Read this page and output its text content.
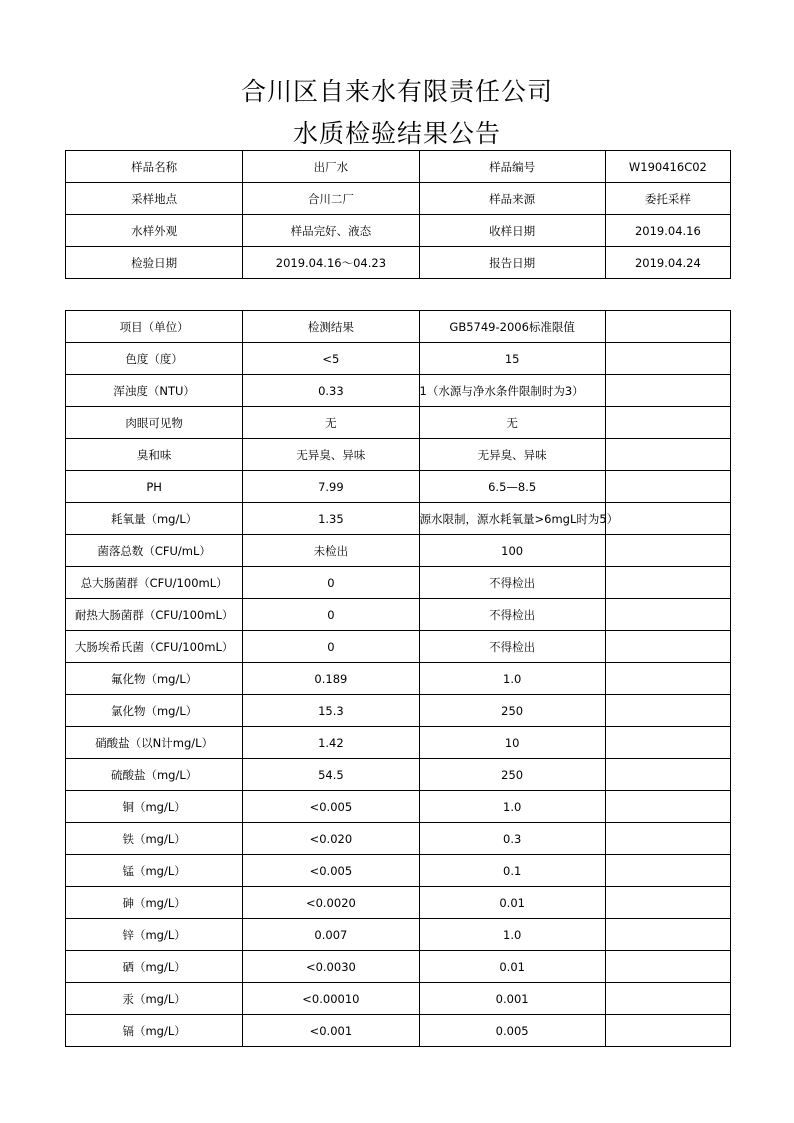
合川区自来水有限责任公司
水质检验结果公告
样品名称	出厂水	样品编号	W190416C02
采样地点	合川二厂	样品来源	委托采样
水样外观	样品完好、液态	收样日期	2019.04.16
检验日期	2019.04.16～04.23	报告日期	2019.04.24
项目（单位）	检测结果	GB5749-2006标准限值	
色度（度）	<5	15	
浑浊度（NTU）	0.33	1（水源与净水条件限制时为3）	
肉眼可见物	无	无	
臭和味	无异臭、异味	无异臭、异味	
PH	7.99	6.5—8.5	
耗氧量（mg/L）	1.35	源水限制，源水耗氧量>6mgL时为5）	
菌落总数（CFU/mL）	未检出	100	
总大肠菌群（CFU/100mL）	0	不得检出	
耐热大肠菌群（CFU/100mL）	0	不得检出	
大肠埃希氏菌（CFU/100mL）	0	不得检出	
氟化物（mg/L）	0.189	1.0	
氯化物（mg/L）	15.3	250	
硝酸盐（以N计mg/L）	1.42	10	
硫酸盐（mg/L）	54.5	250	
铜（mg/L）	<0.005	1.0	
铁（mg/L）	<0.020	0.3	
锰（mg/L）	<0.005	0.1	
砷（mg/L）	<0.0020	0.01	
锌（mg/L）	0.007	1.0	
硒（mg/L）	<0.0030	0.01	
汞（mg/L）	<0.00010	0.001	
镉（mg/L）	<0.001	0.005	
